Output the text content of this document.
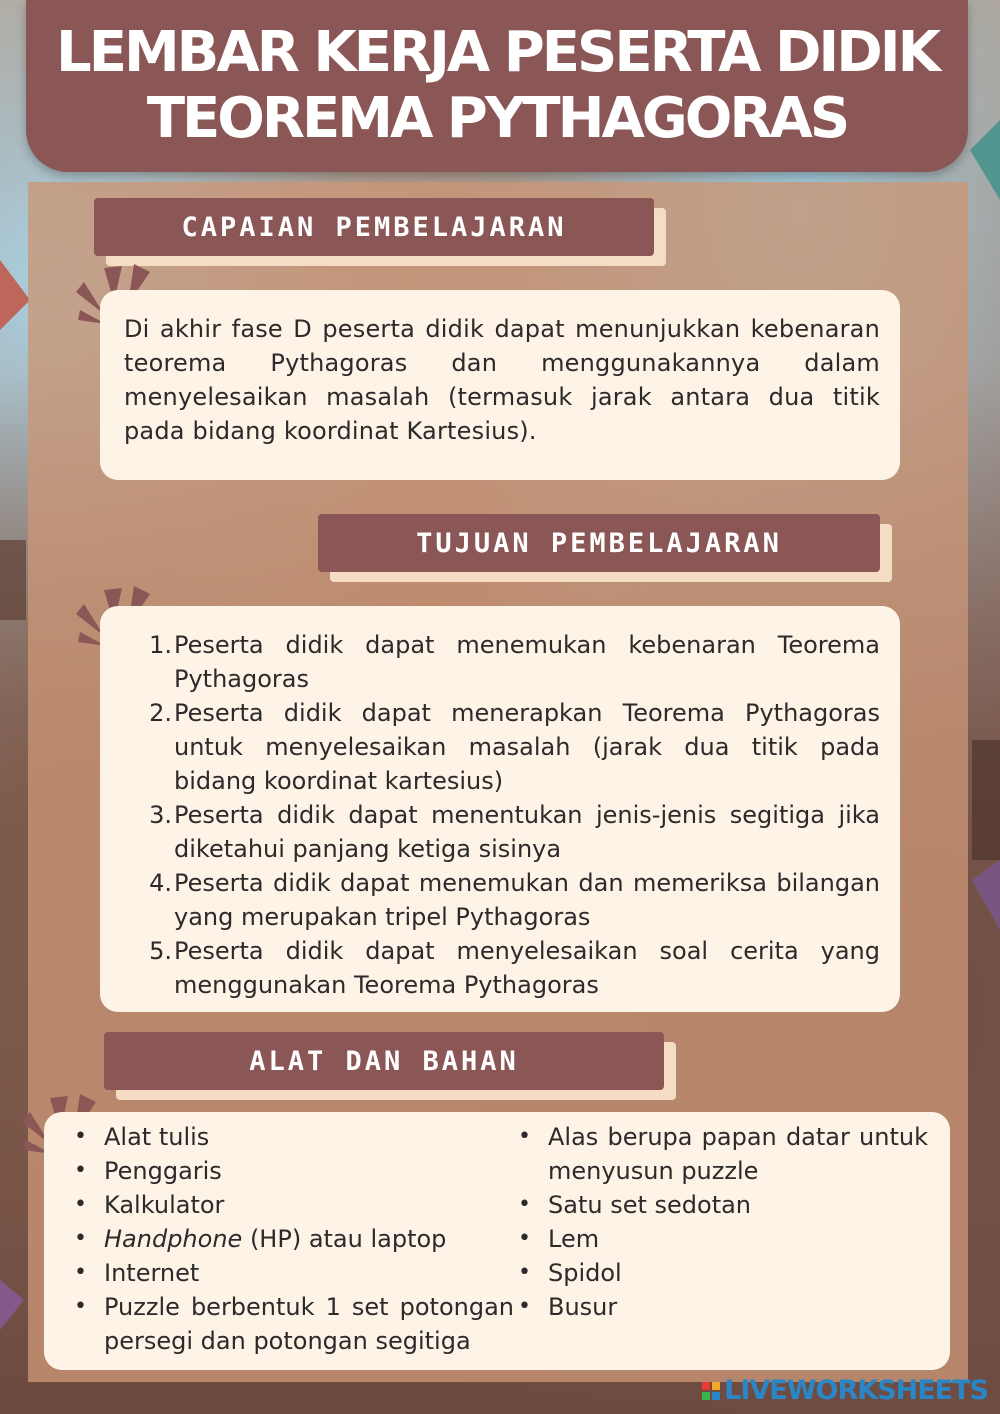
LEMBAR KERJA PESERTA DIDIK
TEOREMA PYTHAGORAS
CAPAIAN PEMBELAJARAN

Di akhir fase D peserta didik dapat menunjukkan kebenaran teorema Pythagoras dan menggunakannya dalam menyelesaikan masalah (termasuk jarak antara dua titik pada bidang koordinat Kartesius).

TUJUAN PEMBELAJARAN
1. Peserta didik dapat menemukan kebenaran Teorema Pythagoras
2. Peserta didik dapat menerapkan Teorema Pythagoras untuk menyelesaikan masalah (jarak dua titik pada bidang koordinat kartesius)
3. Peserta didik dapat menentukan jenis-jenis segitiga jika diketahui panjang ketiga sisinya
4. Peserta didik dapat menemukan dan memeriksa bilangan yang merupakan tripel Pythagoras
5. Peserta didik dapat menyelesaikan soal cerita yang menggunakan Teorema Pythagoras
ALAT DAN BAHAN
• Alat tulis
• Penggaris
• Kalkulator
• Handphone (HP) atau laptop
• Internet
• Puzzle berbentuk 1 set potongan persegi dan potongan segitiga
• Alas berupa papan datar untuk menyusun puzzle
• Satu set sedotan
• Lem
• Spidol
• Busur
LIVEWORKSHEETS
